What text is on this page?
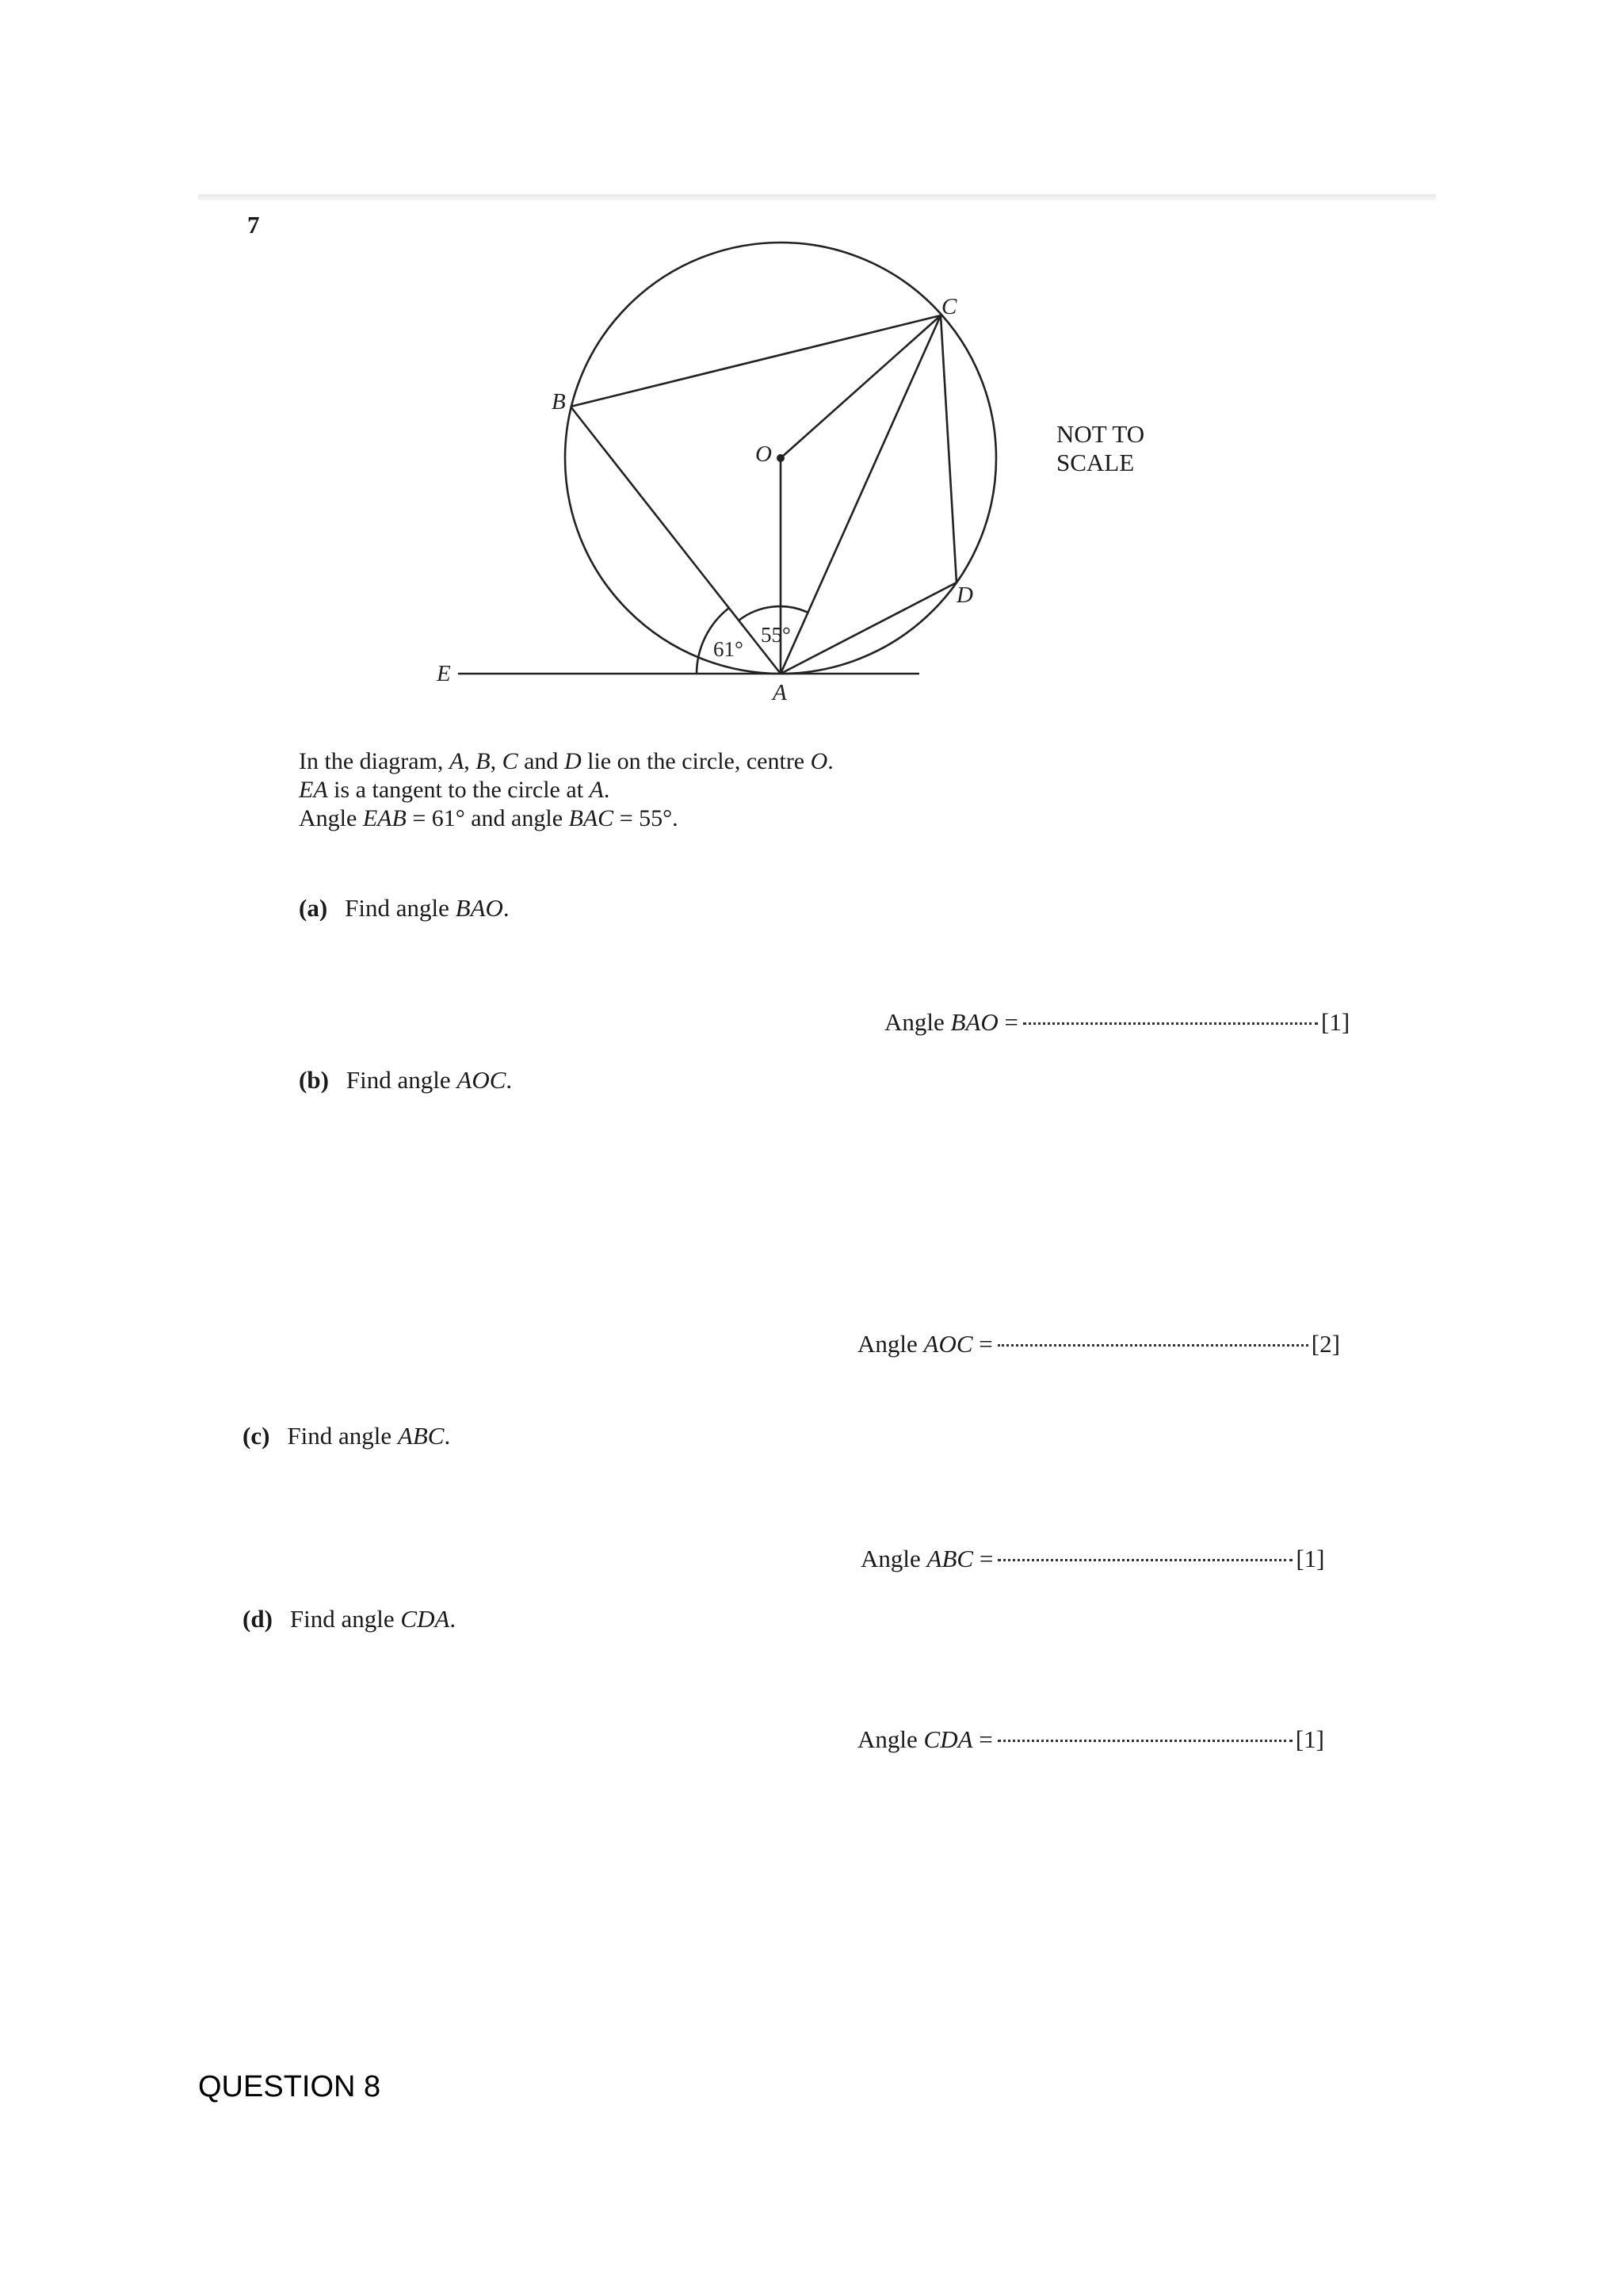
7
B
C
O
D
E
A
61°
55°
NOT TO
SCALE
In the diagram, A, B, C and D lie on the circle, centre O.
EA is a tangent to the circle at A.
Angle EAB = 61° and angle BAC = 55°.
(a) Find angle BAO.
Angle BAO =	[1]
(b) Find angle AOC.
Angle AOC =	[2]
(c) Find angle ABC.
Angle ABC =	[1]
(d) Find angle CDA.
Angle CDA =	[1]
QUESTION 8
